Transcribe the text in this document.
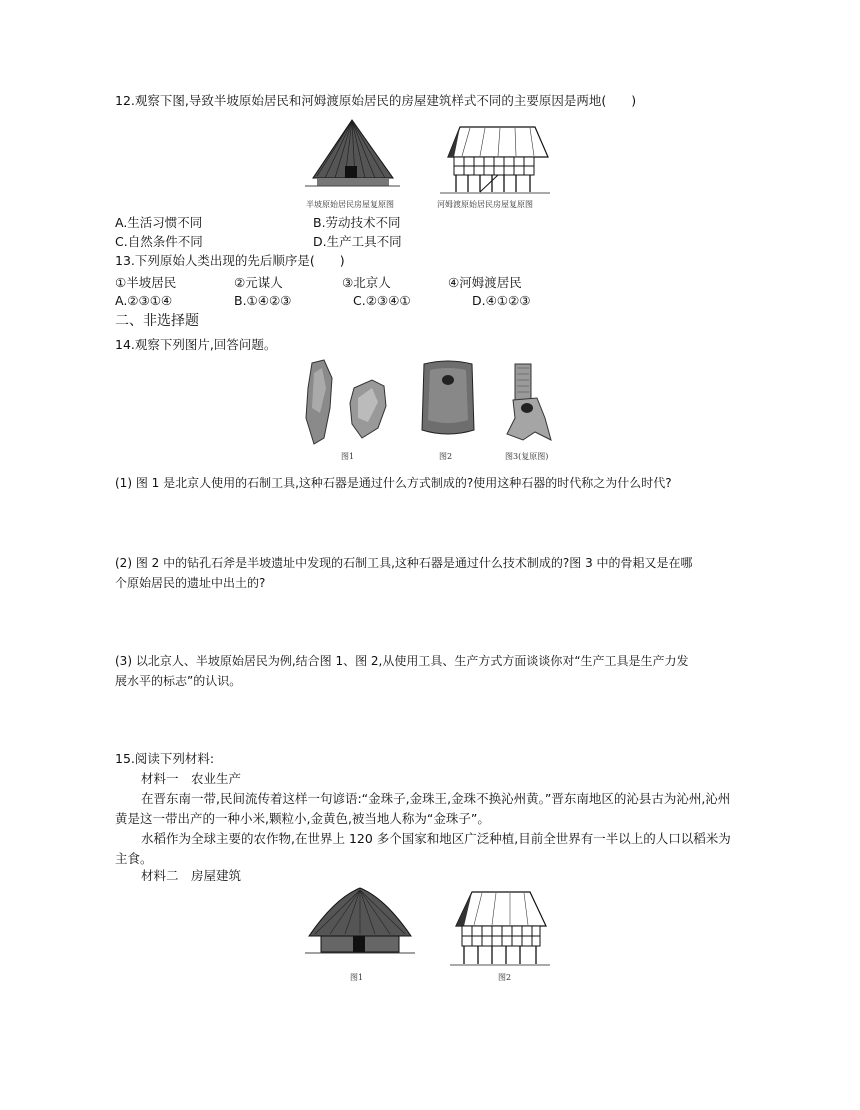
12.观察下图,导致半坡原始居民和河姆渡原始居民的房屋建筑样式不同的主要原因是两地(　　)
半坡原始居民房屋复原图	河姆渡原始居民房屋复原图
A.生活习惯不同	B.劳动技术不同
C.自然条件不同	D.生产工具不同
13.下列原始人类出现的先后顺序是(　　)
①半坡居民	②元谋人	③北京人	④河姆渡居民
A.②③①④	B.①④②③	C.②③④①	D.④①②③
二、非选择题
14.观察下列图片,回答问题。
图1	图2	图3(复原图)
(1) 图 1 是北京人使用的石制工具,这种石器是通过什么方式制成的?使用这种石器的时代称之为什么时代?
(2) 图 2 中的钻孔石斧是半坡遗址中发现的石制工具,这种石器是通过什么技术制成的?图 3 中的骨耜又是在哪
个原始居民的遗址中出土的?
(3) 以北京人、半坡原始居民为例,结合图 1、图 2,从使用工具、生产方式方面谈谈你对“生产工具是生产力发
展水平的标志”的认识。
15.阅读下列材料:
材料一　农业生产
在晋东南一带,民间流传着这样一句谚语:“金珠子,金珠王,金珠不换沁州黄。”晋东南地区的沁县古为沁州,沁州黄是这一带出产的一种小米,颗粒小,金黄色,被当地人称为“金珠子”。
水稻作为全球主要的农作物,在世界上 120 多个国家和地区广泛种植,目前全世界有一半以上的人口以稻米为主食。
材料二　房屋建筑
图1	图2
